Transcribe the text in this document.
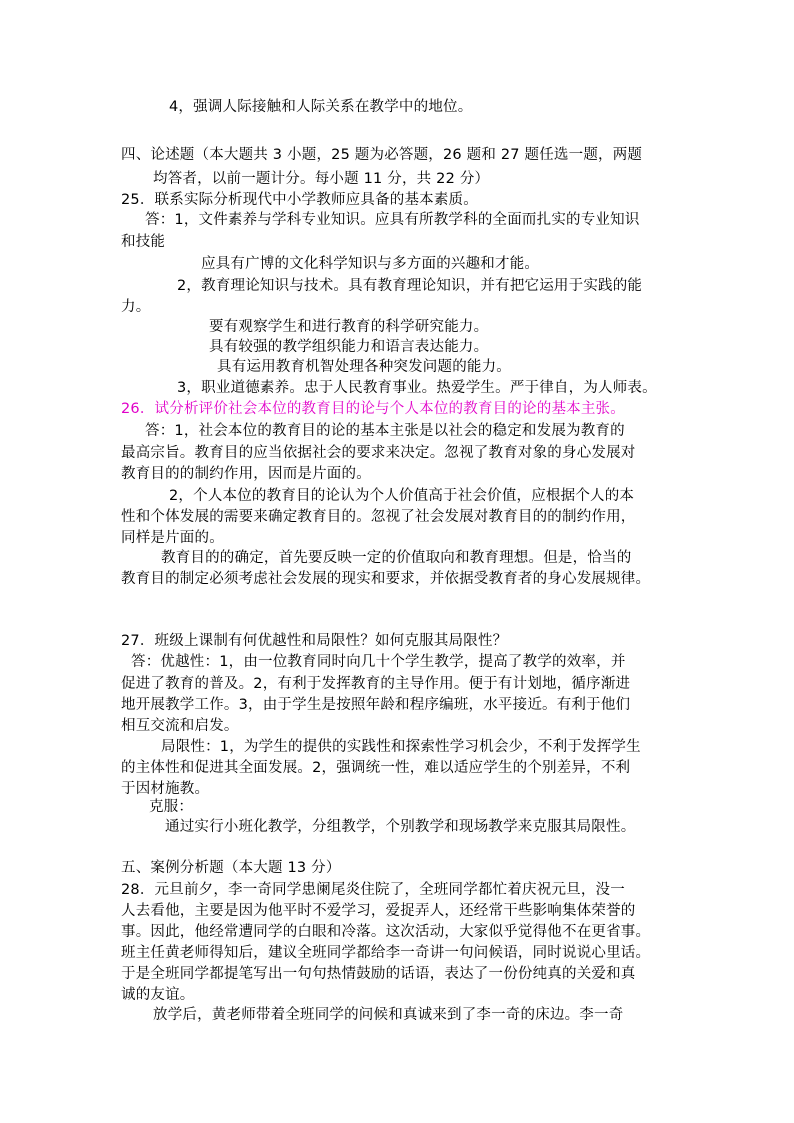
4，强调人际接触和人际关系在教学中的地位。
四、论述题（本大题共 3 小题，25 题为必答题，26 题和 27 题任选一题，两题
均答者，以前一题计分。每小题 11 分，共 22 分）
25．联系实际分析现代中小学教师应具备的基本素质。
答：1，文件素养与学科专业知识。应具有所教学科的全面而扎实的专业知识
和技能
应具有广博的文化科学知识与多方面的兴趣和才能。
2，教育理论知识与技术。具有教育理论知识，并有把它运用于实践的能
力。
要有观察学生和进行教育的科学研究能力。
具有较强的教学组织能力和语言表达能力。
具有运用教育机智处理各种突发问题的能力。
3，职业道德素养。忠于人民教育事业。热爱学生。严于律自，为人师表。
26．试分析评价社会本位的教育目的论与个人本位的教育目的论的基本主张。
答：1，社会本位的教育目的论的基本主张是以社会的稳定和发展为教育的
最高宗旨。教育目的应当依据社会的要求来决定。忽视了教育对象的身心发展对
教育目的的制约作用，因而是片面的。
2，个人本位的教育目的论认为个人价值高于社会价值，应根据个人的本
性和个体发展的需要来确定教育目的。忽视了社会发展对教育目的的制约作用，
同样是片面的。
教育目的的确定，首先要反映一定的价值取向和教育理想。但是，恰当的
教育目的制定必须考虑社会发展的现实和要求，并依据受教育者的身心发展规律。
27．班级上课制有何优越性和局限性？如何克服其局限性？
答：优越性：1，由一位教育同时向几十个学生教学，提高了教学的效率，并
促进了教育的普及。2，有利于发挥教育的主导作用。便于有计划地，循序渐进
地开展教学工作。3，由于学生是按照年龄和程序编班，水平接近。有利于他们
相互交流和启发。
局限性：1，为学生的提供的实践性和探索性学习机会少，不利于发挥学生
的主体性和促进其全面发展。2，强调统一性，难以适应学生的个别差异，不利
于因材施教。
克服：
通过实行小班化教学，分组教学，个别教学和现场教学来克服其局限性。
五、案例分析题（本大题 13 分）
28．元旦前夕，李一奇同学患阑尾炎住院了，全班同学都忙着庆祝元旦，没一
人去看他，主要是因为他平时不爱学习，爱捉弄人，还经常干些影响集体荣誉的
事。因此，他经常遭同学的白眼和冷落。这次活动，大家似乎觉得他不在更省事。
班主任黄老师得知后，建议全班同学都给李一奇讲一句问候语，同时说说心里话。
于是全班同学都提笔写出一句句热情鼓励的话语，表达了一份份纯真的关爱和真
诚的友谊。
放学后，黄老师带着全班同学的问候和真诚来到了李一奇的床边。李一奇
